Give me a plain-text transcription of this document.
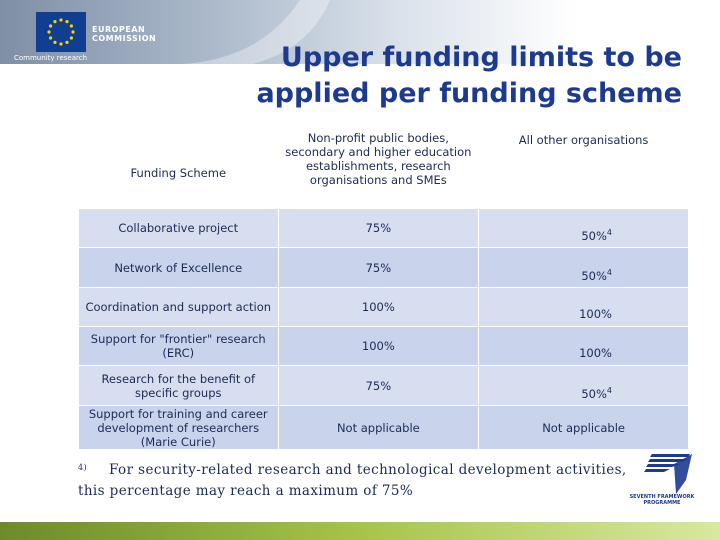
EUROPEAN
COMMISSION
Community research	Upper funding limits to be
applied per funding scheme
Funding Scheme	Non-profit public bodies, secondary and higher education establishments, research organisations and SMEs	All other organisations
Collaborative project	75%	50%$^4$

Network of Excellence	75%	50%$^4$

Coordination and support action	100%	100%

Support for "frontier" research (ERC)	100%	100%

Research for the benefit of specific groups	75%	50%$^4$

Support for training and career development of researchers (Marie Curie)	Not applicable	Not applicable
$^{4)}$ For security-related research and technological development activities, this percentage may reach a maximum of 75%	SEVENTH FRAMEWORK
PROGRAMME
